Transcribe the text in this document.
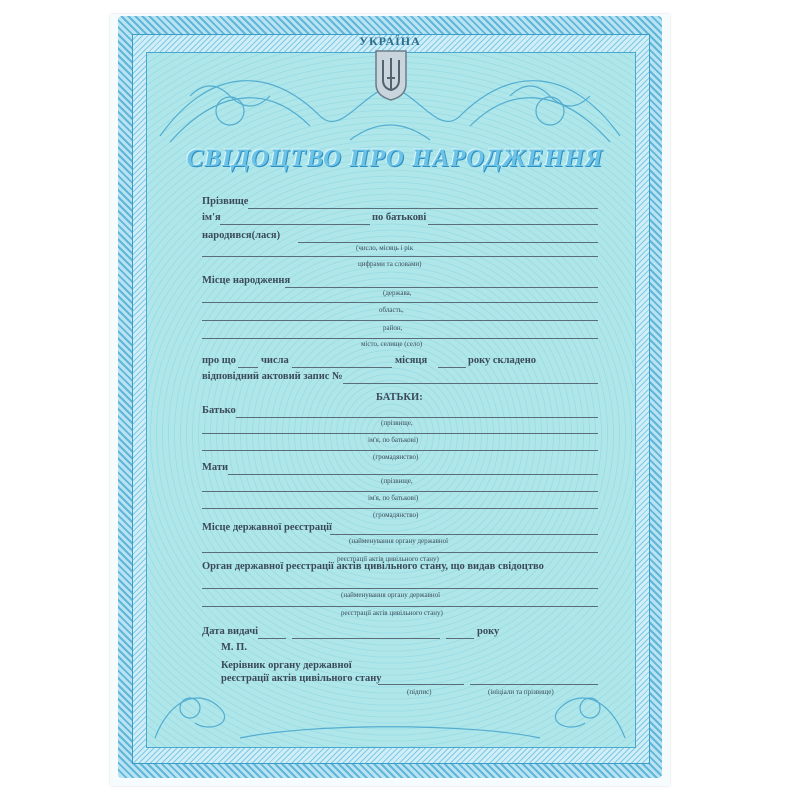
УКРАЇНА
СВІДОЦТВО ПРО НАРОДЖЕННЯ
Прізвище
ім'я	по батькові
народився(лася)
(число, місяць і рік
цифрами та словами)
Місце народження
(держава,
область,
район,
місто, селище (село)
про що числа	місяця	року складено
відповідний актовий запис №
БАТЬКИ:
Батько
(прізвище,
ім'я, по батькові)
(громадянство)
Мати
(прізвище,
ім'я, по батькові)
(громадянство)
Місце державної реєстрації
(найменування органу державної
реєстрації актів цивільного стану)
Орган державної реєстрації актів цивільного стану, що видав свідоцтво
(найменування органу державної
реєстрації актів цивільного стану)
Дата видачі	року
М. П.
Керівник органу державної
реєстрації актів цивільного стану
(підпис)	(ініціали та прізвище)
